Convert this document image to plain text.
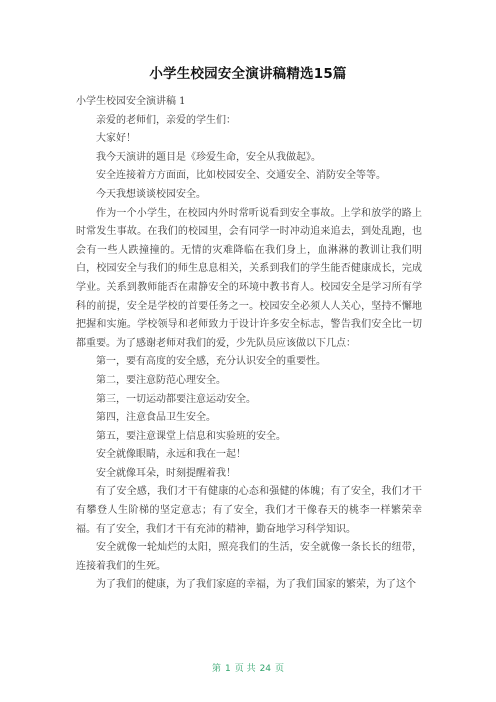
小学生校园安全演讲稿精选15篇

小学生校园安全演讲稿 1

亲爱的老师们，亲爱的学生们：

大家好！

我今天演讲的题目是《珍爱生命，安全从我做起》。

安全连接着方方面面，比如校园安全、交通安全、消防安全等等。

今天我想谈谈校园安全。

作为一个小学生，在校园内外时常听说看到安全事故。上学和放学的路上时常发生事故。在我们的校园里，会有同学一时冲动追来追去，到处乱跑，也会有一些人跌撞撞的。无情的灾难降临在我们身上，血淋淋的教训让我们明白，校园安全与我们的师生息息相关，关系到我们的学生能否健康成长，完成学业。关系到教师能否在肃静安全的环境中教书育人。校园安全是学习所有学科的前提，安全是学校的首要任务之一。校园安全必须人人关心，坚持不懈地把握和实施。学校领导和老师致力于设计许多安全标志，警告我们安全比一切都重要。为了感谢老师对我们的爱，少先队员应该做以下几点：

第一，要有高度的安全感，充分认识安全的重要性。

第二，要注意防范心理安全。

第三，一切运动都要注意运动安全。

第四，注意食品卫生安全。

第五，要注意课堂上信息和实验班的安全。

安全就像眼睛，永远和我在一起！

安全就像耳朵，时刻提醒着我！

有了安全感，我们才干有健康的心态和强健的体魄；有了安全，我们才干有攀登人生阶梯的坚定意志；有了安全，我们才干像春天的桃李一样繁荣幸福。有了安全，我们才干有充沛的精神，勤奋地学习科学知识。

安全就像一轮灿烂的太阳，照亮我们的生活，安全就像一条长长的纽带，连接着我们的生死。

为了我们的健康，为了我们家庭的幸福，为了我们国家的繁荣，为了这个

第 1 页 共 24 页
